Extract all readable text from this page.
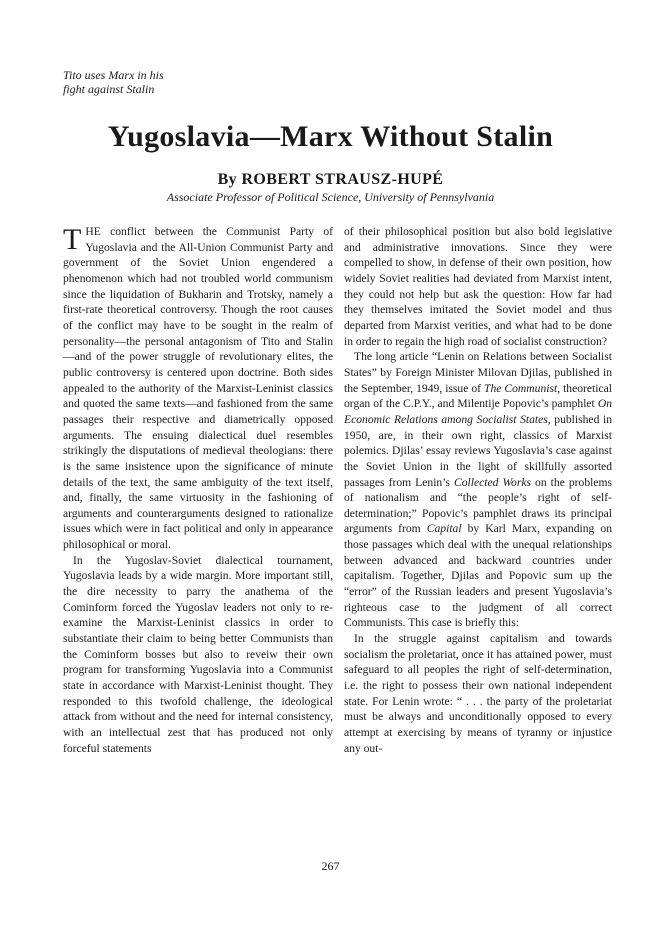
Tito uses Marx in his
fight against Stalin
Yugoslavia—Marx Without Stalin
By ROBERT STRAUSZ-HUPÉ
Associate Professor of Political Science, University of Pennsylvania

T HE conflict between the Communist Party of Yugoslavia and the All-Union Communist Party and government of the Soviet Union engendered a phenomenon which had not troubled world communism since the liquidation of Bukharin and Trotsky, namely a first-rate theoretical controversy. Though the root causes of the conflict may have to be sought in the realm of personality—the personal antagonism of Tito and Stalin—and of the power struggle of revolutionary elites, the public controversy is centered upon doctrine. Both sides appealed to the authority of the Marxist-Leninist classics and quoted the same texts—and fashioned from the same passages their respective and diametrically opposed arguments. The ensuing dialectical duel resembles strikingly the disputations of medieval theologians: there is the same insistence upon the significance of minute details of the text, the same ambiguity of the text itself, and, finally, the same virtuosity in the fashioning of arguments and counterarguments designed to rationalize issues which were in fact political and only in appearance philosophical or moral.

In the Yugoslav-Soviet dialectical tournament, Yugoslavia leads by a wide margin. More important still, the dire necessity to parry the anathema of the Cominform forced the Yugoslav leaders not only to re-examine the Marxist-Leninist classics in order to substantiate their claim to being better Communists than the Cominform bosses but also to reveiw their own program for transforming Yugoslavia into a Communist state in accordance with Marxist-Leninist thought. They responded to this twofold challenge, the ideological attack from without and the need for internal consistency, with an intellectual zest that has produced not only forceful statements

of their philosophical position but also bold legislative and administrative innovations. Since they were compelled to show, in defense of their own position, how widely Soviet realities had deviated from Marxist intent, they could not help but ask the question: How far had they themselves imitated the Soviet model and thus departed from Marxist verities, and what had to be done in order to regain the high road of socialist construction?

The long article “Lenin on Relations between Socialist States” by Foreign Minister Milovan Djilas, published in the September, 1949, issue of The Communist, theoretical organ of the C.P.Y., and Milentije Popovic’s pamphlet On Economic Relations among Socialist States, published in 1950, are, in their own right, classics of Marxist polemics. Djilas’ essay reviews Yugoslavia’s case against the Soviet Union in the light of skillfully assorted passages from Lenin’s Collected Works on the problems of nationalism and “the people’s right of self-determination;” Popovic’s pamphlet draws its principal arguments from Capital by Karl Marx, expanding on those passages which deal with the unequal relationships between advanced and backward countries under capitalism. Together, Djilas and Popovic sum up the “error” of the Russian leaders and present Yugoslavia’s righteous case to the judgment of all correct Communists. This case is briefly this:

In the struggle against capitalism and towards socialism the proletariat, once it has attained power, must safeguard to all peoples the right of self-determination, i.e. the right to possess their own national independent state. For Lenin wrote: “ . . . the party of the proletariat must be always and unconditionally opposed to every attempt at exercising by means of tyranny or injustice any out-

267
